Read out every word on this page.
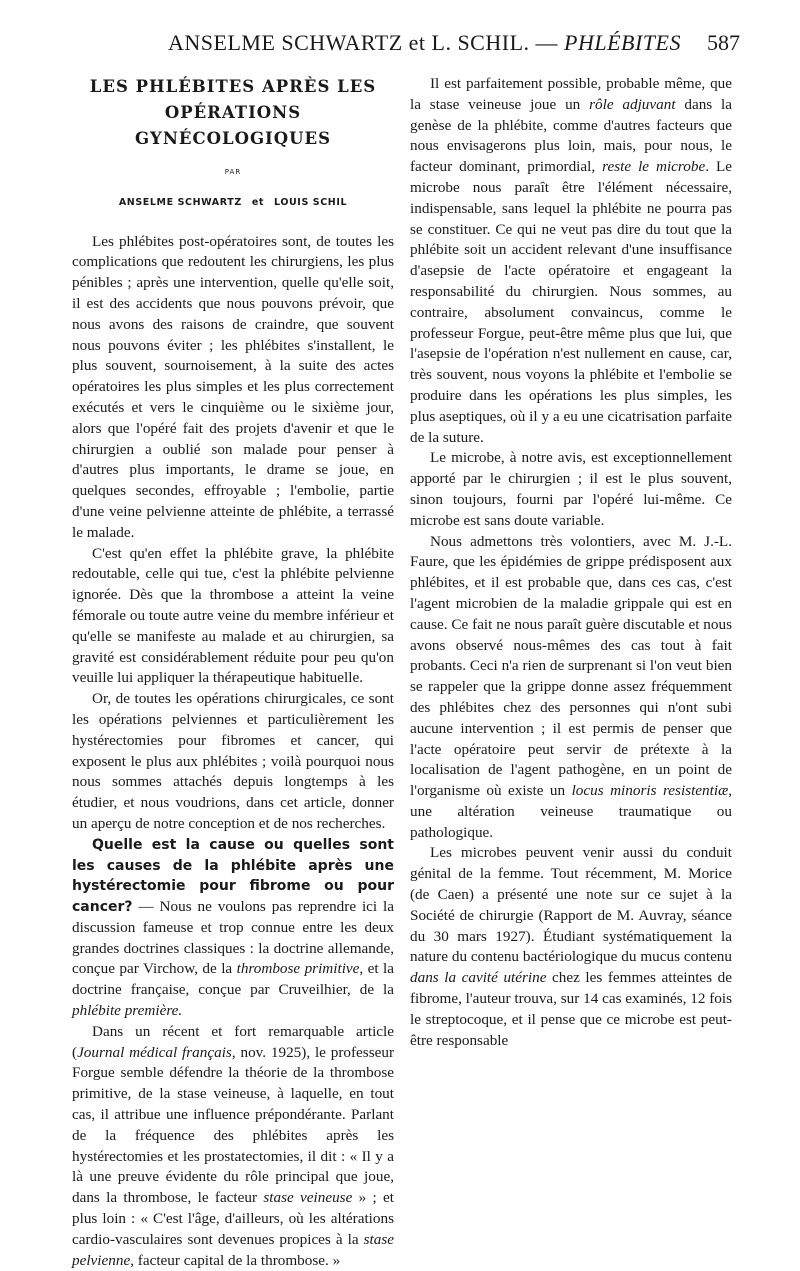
ANSELME SCHWARTZ et L. SCHIL. — PHLÉBITES 587
LES PHLÉBITES APRÈS LES
OPÉRATIONS
GYNÉCOLOGIQUES
PAR
ANSELME SCHWARTZ et LOUIS SCHIL

Les phlébites post-opératoires sont, de toutes les complications que redoutent les chirurgiens, les plus pénibles ; après une intervention, quelle qu'elle soit, il est des accidents que nous pouvons prévoir, que nous avons des raisons de craindre, que souvent nous pouvons éviter ; les phlébites s'installent, le plus souvent, sournoisement, à la suite des actes opératoires les plus simples et les plus correctement exécutés et vers le cinquième ou le sixième jour, alors que l'opéré fait des projets d'avenir et que le chirurgien a oublié son malade pour penser à d'autres plus importants, le drame se joue, en quelques secondes, effroyable ; l'embolie, partie d'une veine pelvienne atteinte de phlébite, a terrassé le malade.

C'est qu'en effet la phlébite grave, la phlébite redoutable, celle qui tue, c'est la phlébite pelvienne ignorée. Dès que la thrombose a atteint la veine fémorale ou toute autre veine du membre inférieur et qu'elle se manifeste au malade et au chirurgien, sa gravité est considérablement réduite pour peu qu'on veuille lui appliquer la thérapeutique habituelle.

Or, de toutes les opérations chirurgicales, ce sont les opérations pelviennes et particulièrement les hystérectomies pour fibromes et cancer, qui exposent le plus aux phlébites ; voilà pourquoi nous nous sommes attachés depuis longtemps à les étudier, et nous voudrions, dans cet article, donner un aperçu de notre conception et de nos recherches.

Quelle est la cause ou quelles sont les causes de la phlébite après une hystérectomie pour fibrome ou pour cancer? — Nous ne voulons pas reprendre ici la discussion fameuse et trop connue entre les deux grandes doctrines classiques : la doctrine allemande, conçue par Virchow, de la thrombose primitive, et la doctrine française, conçue par Cruveilhier, de la phlébite première.

Dans un récent et fort remarquable article (Journal médical français, nov. 1925), le professeur Forgue semble défendre la théorie de la thrombose primitive, de la stase veineuse, à laquelle, en tout cas, il attribue une influence prépondérante. Parlant de la fréquence des phlébites après les hystérectomies et les prostatectomies, il dit : « Il y a là une preuve évidente du rôle principal que joue, dans la thrombose, le facteur stase veineuse » ; et plus loin : « C'est l'âge, d'ailleurs, où les altérations cardio-vasculaires sont devenues propices à la stase pelvienne, facteur capital de la thrombose. »

Il est parfaitement possible, probable même, que la stase veineuse joue un rôle adjuvant dans la genèse de la phlébite, comme d'autres facteurs que nous envisagerons plus loin, mais, pour nous, le facteur dominant, primordial, reste le microbe. Le microbe nous paraît être l'élément nécessaire, indispensable, sans lequel la phlébite ne pourra pas se constituer. Ce qui ne veut pas dire du tout que la phlébite soit un accident relevant d'une insuffisance d'asepsie de l'acte opératoire et engageant la responsabilité du chirurgien. Nous sommes, au contraire, absolument convaincus, comme le professeur Forgue, peut-être même plus que lui, que l'asepsie de l'opération n'est nullement en cause, car, très souvent, nous voyons la phlébite et l'embolie se produire dans les opérations les plus simples, les plus aseptiques, où il y a eu une cicatrisation parfaite de la suture.

Le microbe, à notre avis, est exceptionnellement apporté par le chirurgien ; il est le plus souvent, sinon toujours, fourni par l'opéré lui-même. Ce microbe est sans doute variable.

Nous admettons très volontiers, avec M. J.-L. Faure, que les épidémies de grippe prédisposent aux phlébites, et il est probable que, dans ces cas, c'est l'agent microbien de la maladie grippale qui est en cause. Ce fait ne nous paraît guère discutable et nous avons observé nous-mêmes des cas tout à fait probants. Ceci n'a rien de surprenant si l'on veut bien se rappeler que la grippe donne assez fréquemment des phlébites chez des personnes qui n'ont subi aucune intervention ; il est permis de penser que l'acte opératoire peut servir de prétexte à la localisation de l'agent pathogène, en un point de l'organisme où existe un locus minoris resistentiæ, une altération veineuse traumatique ou pathologique.

Les microbes peuvent venir aussi du conduit génital de la femme. Tout récemment, M. Morice (de Caen) a présenté une note sur ce sujet à la Société de chirurgie (Rapport de M. Auvray, séance du 30 mars 1927). Étudiant systématiquement la nature du contenu bactériologique du mucus contenu dans la cavité utérine chez les femmes atteintes de fibrome, l'auteur trouva, sur 14 cas examinés, 12 fois le streptocoque, et il pense que ce microbe est peut-être responsable
